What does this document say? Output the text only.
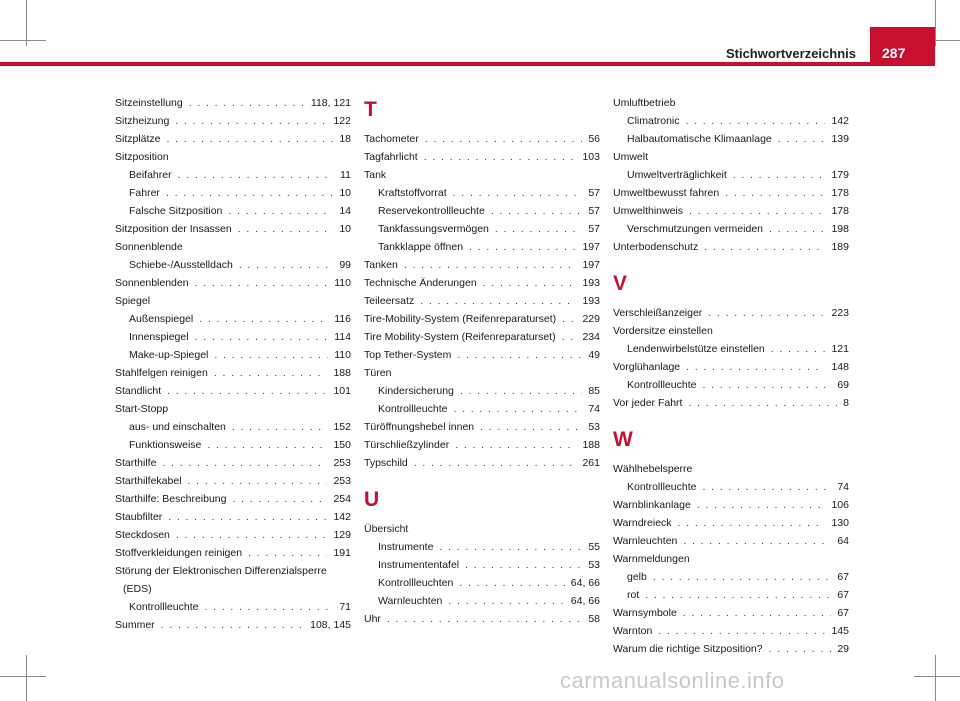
287
Stichwortverzeichnis
Sitzeinstellung . . .	118, 121
Sitzheizung . . .	122
Sitzplätze . . .	18
Sitzposition
Beifahrer . . .	11
Fahrer . . .	10
Falsche Sitzposition . . .	14
Sitzposition der Insassen . . .	10
Sonnenblende
Schiebe-/Ausstelldach . . .	99
Sonnenblenden . . .	110
Spiegel
Außenspiegel . . .	116
Innenspiegel . . .	114
Make-up-Spiegel . . .	110
Stahlfelgen reinigen . . .	188
Standlicht . . .	101
Start-Stopp
aus- und einschalten . . .	152
Funktionsweise . . .	150
Starthilfe . . .	253
Starthilfekabel . . .	253
Starthilfe: Beschreibung . . .	254
Staubfilter . . .	142
Steckdosen . . .	129
Stoffverkleidungen reinigen . . .	191
Störung der Elektronischen Differenzialsperre
(EDS)
Kontrollleuchte . . .	71
Summer . . .	108, 145
T
Tachometer . . .	56
Tagfahrlicht . . .	103
Tank
Kraftstoffvorrat . . .	57
Reservekontrollleuchte . . .	57
Tankfassungsvermögen . . .	57
Tankklappe öffnen . . .	197
Tanken . . .	197
Technische Änderungen . . .	193
Teileersatz . . .	193
Tire-Mobility-System (Reifenreparaturset) . . .	229
Tire Mobility-System (Reifenreparaturset) . . .	234
Top Tether-System . . .	49
Türen
Kindersicherung . . .	85
Kontrollleuchte . . .	74
Türöffnungshebel innen . . .	53
Türschließzylinder . . .	188
Typschild . . .	261
U
Übersicht
Instrumente . . .	55
Instrumententafel . . .	53
Kontrollleuchten . . .	64, 66
Warnleuchten . . .	64, 66
Uhr . . .	58
Umluftbetrieb
Climatronic . . .	142
Halbautomatische Klimaanlage . . .	139
Umwelt
Umweltverträglichkeit . . .	179
Umweltbewusst fahren . . .	178
Umwelthinweis . . .	178
Verschmutzungen vermeiden . . .	198
Unterbodenschutz . . .	189
V
Verschleißanzeiger . . .	223
Vordersitze einstellen
Lendenwirbelstütze einstellen . . .	121
Vorglühanlage . . .	148
Kontrollleuchte . . .	69
Vor jeder Fahrt . . .	8
W
Wählhebelsperre
Kontrollleuchte . . .	74
Warnblinkanlage . . .	106
Warndreieck . . .	130
Warnleuchten . . .	64
Warnmeldungen
gelb . . .	67
rot . . .	67
Warnsymbole . . .	67
Warnton . . .	145
Warum die richtige Sitzposition? . . .	29
carmanualsonline.info
